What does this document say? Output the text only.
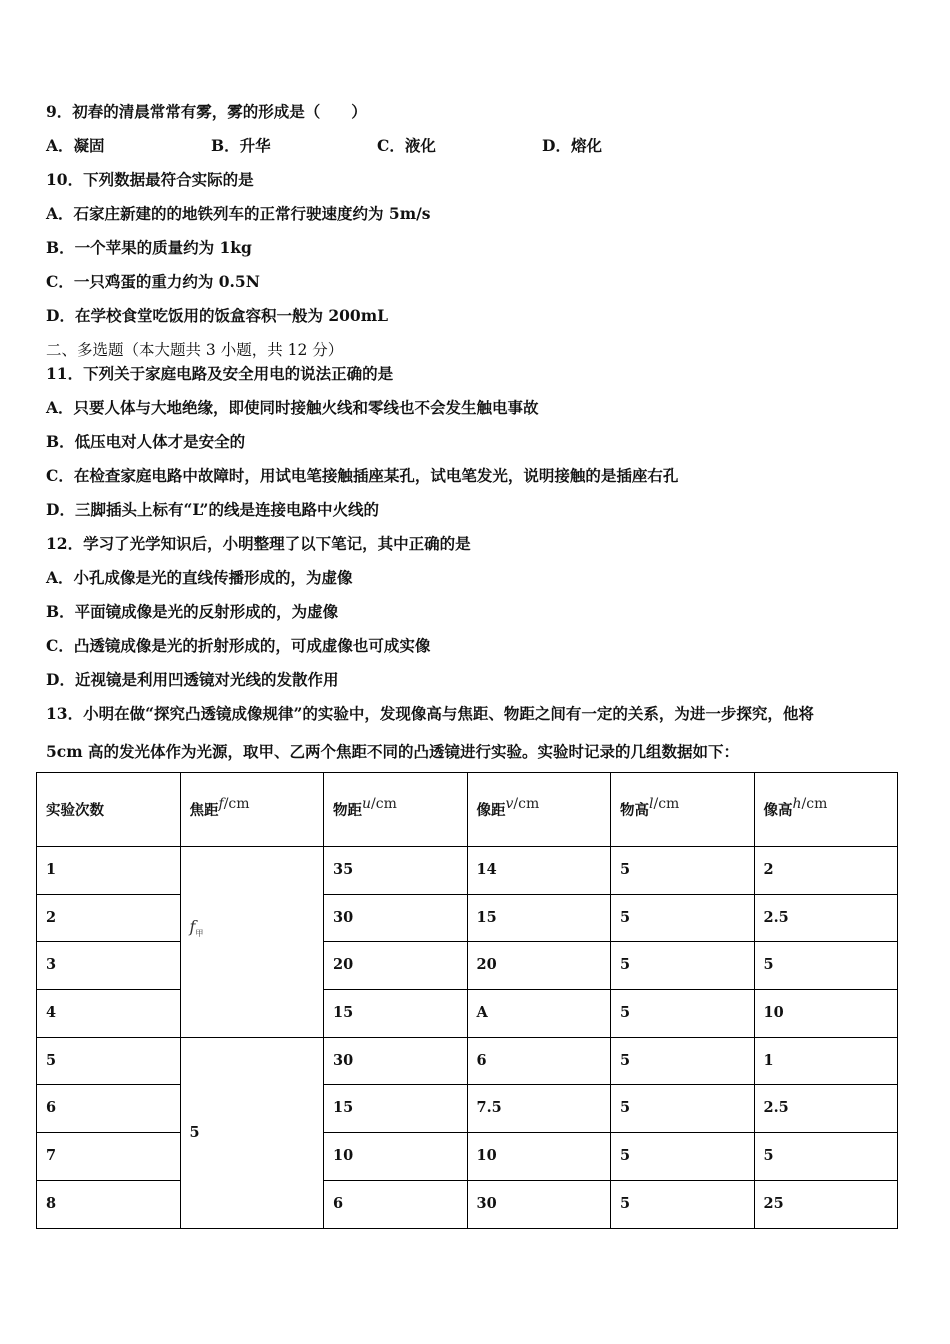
9．初春的清晨常常有雾，雾的形成是（　　）
A．凝固	B．升华	C．液化	D．熔化
10．下列数据最符合实际的是
A．石家庄新建的的地铁列车的正常行驶速度约为 5m/s
B．一个苹果的质量约为 1kg
C．一只鸡蛋的重力约为 0.5N
D．在学校食堂吃饭用的饭盒容积一般为 200mL
二、多选题（本大题共 3 小题，共 12 分）
11．下列关于家庭电路及安全用电的说法正确的是
A．只要人体与大地绝缘，即使同时接触火线和零线也不会发生触电事故
B．低压电对人体才是安全的
C．在检查家庭电路中故障时，用试电笔接触插座某孔，试电笔发光，说明接触的是插座右孔
D．三脚插头上标有“L”的线是连接电路中火线的
12．学习了光学知识后，小明整理了以下笔记，其中正确的是
A．小孔成像是光的直线传播形成的，为虚像
B．平面镜成像是光的反射形成的，为虚像
C．凸透镜成像是光的折射形成的，可成虚像也可成实像
D．近视镜是利用凹透镜对光线的发散作用
13．小明在做“探究凸透镜成像规律”的实验中，发现像高与焦距、物距之间有一定的关系，为进一步探究，他将
5cm 高的发光体作为光源，取甲、乙两个焦距不同的凸透镜进行实验。实验时记录的几组数据如下：
实验次数	焦距f/cm	物距u/cm	像距v/cm	物高l/cm	像高h/cm
1	$f_甲$	35	14	5	2
2		30	15	5	2.5
3		20	20	5	5
4		15	A	5	10
5	5	30	6	5	1
6		15	7.5	5	2.5
7		10	10	5	5
8		6	30	5	25
